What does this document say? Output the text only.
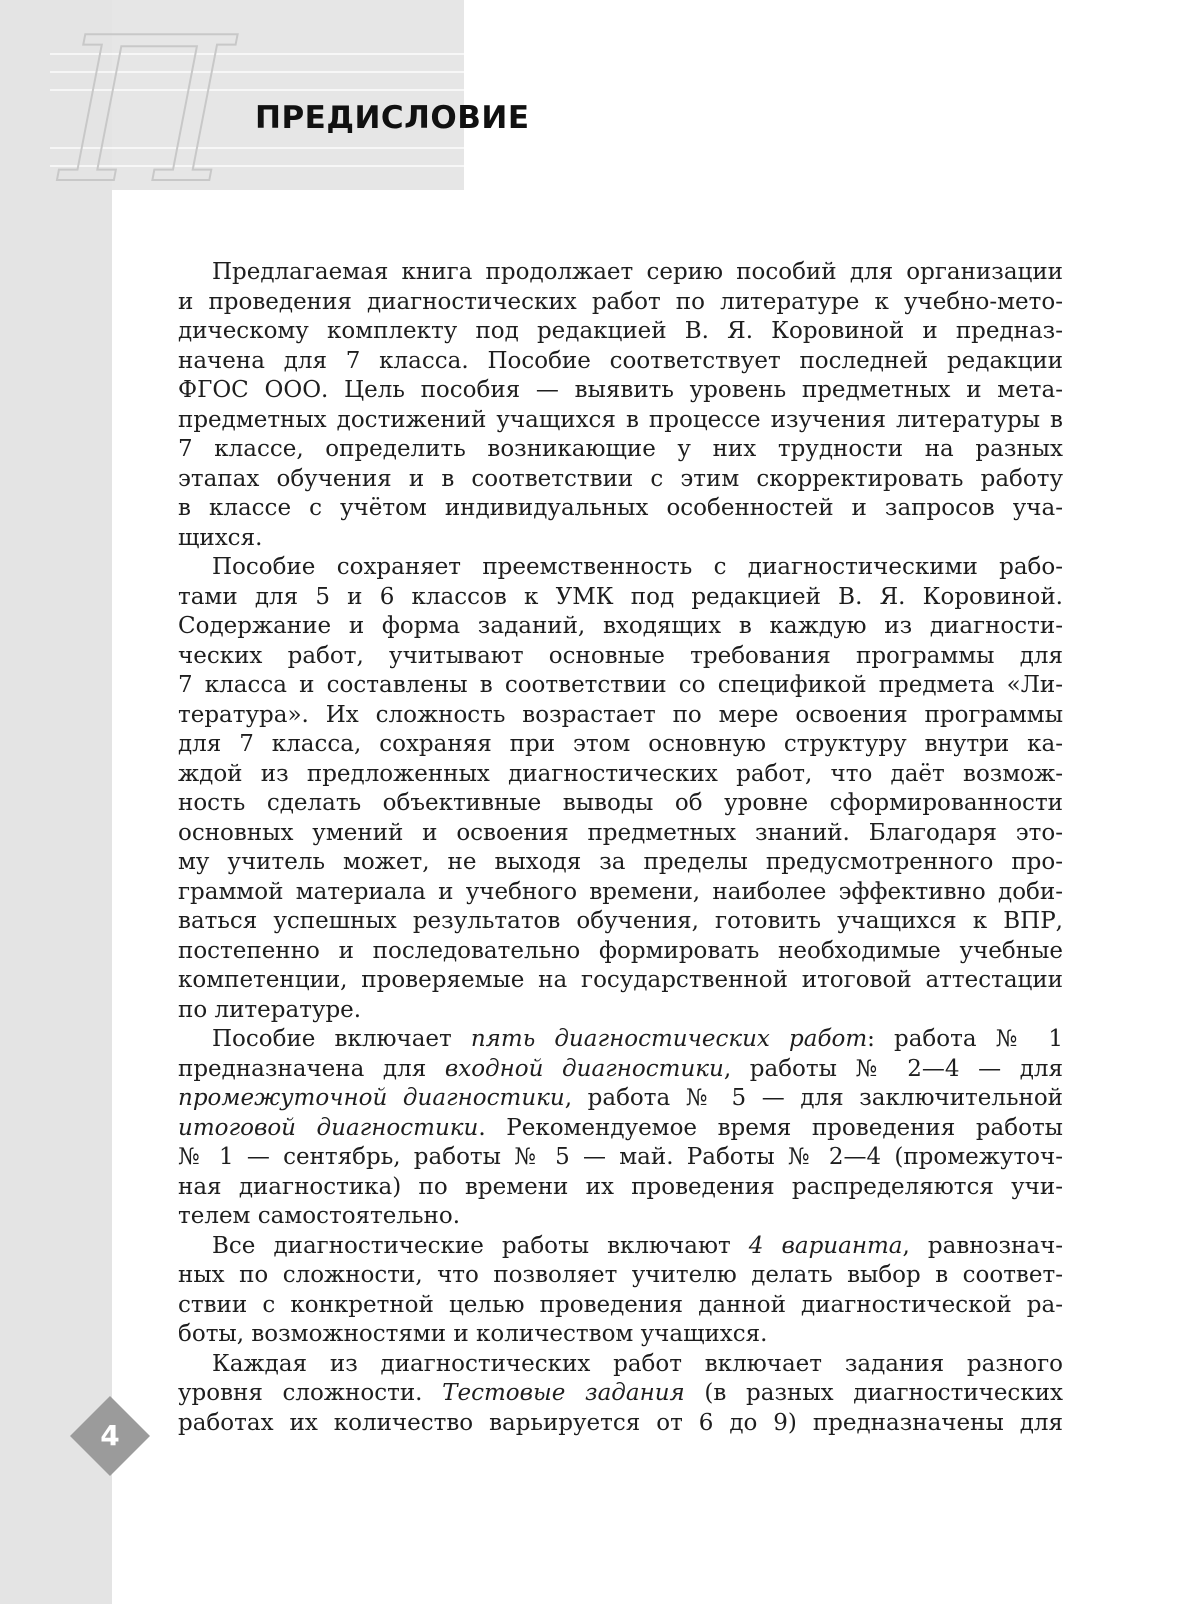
П ПРЕДИСЛОВИЕ

Предлагаемая книга продолжает серию пособий для организации
и проведения диагностических работ по литературе к учебно-мето-
дическому комплекту под редакцией В. Я. Коровиной и предназ-
начена для 7 класса. Пособие соответствует последней редакции
ФГОС ООО. Цель пособия — выявить уровень предметных и мета-
предметных достижений учащихся в процессе изучения литературы в
7 классе, определить возникающие у них трудности на разных
этапах обучения и в соответствии с этим скорректировать работу
в классе с учётом индивидуальных особенностей и запросов уча-
щихся.

Пособие сохраняет преемственность с диагностическими рабо-
тами для 5 и 6 классов к УМК под редакцией В. Я. Коровиной.
Содержание и форма заданий, входящих в каждую из диагности-
ческих работ, учитывают основные требования программы для
7 класса и составлены в соответствии со спецификой предмета «Ли-
тература». Их сложность возрастает по мере освоения программы
для 7 класса, сохраняя при этом основную структуру внутри ка-
ждой из предложенных диагностических работ, что даёт возмож-
ность сделать объективные выводы об уровне сформированности
основных умений и освоения предметных знаний. Благодаря это-
му учитель может, не выходя за пределы предусмотренного про-
граммой материала и учебного времени, наиболее эффективно доби-
ваться успешных результатов обучения, готовить учащихся к ВПР,
постепенно и последовательно формировать необходимые учебные
компетенции, проверяемые на государственной итоговой аттестации
по литературе.

Пособие включает пять диагностических работ: работа № 1
предназначена для входной диагностики, работы № 2—4 — для
промежуточной диагностики, работа № 5 — для заключительной
итоговой диагностики. Рекомендуемое время проведения работы
№ 1 — сентябрь, работы № 5 — май. Работы № 2—4 (промежуточ-
ная диагностика) по времени их проведения распределяются учи-
телем самостоятельно.

Все диагностические работы включают 4 варианта, равнознач-
ных по сложности, что позволяет учителю делать выбор в соответ-
ствии с конкретной целью проведения данной диагностической ра-
боты, возможностями и количеством учащихся.

Каждая из диагностических работ включает задания разного
уровня сложности. Тестовые задания (в разных диагностических
работах их количество варьируется от 6 до 9) предназначены для

4
